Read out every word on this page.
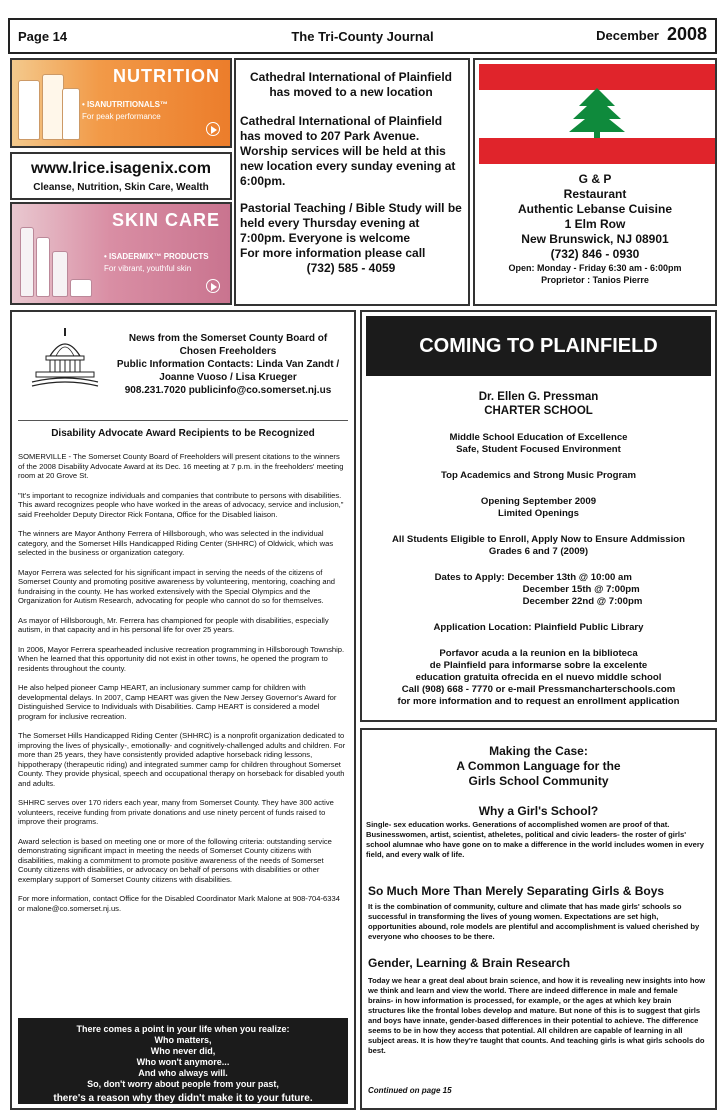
Page 14	The Tri-County Journal	December 2008
NUTRITION
• ISANUTRITIONALS™
For peak performance
www.lrice.isagenix.com
Cleanse, Nutrition, Skin Care, Wealth
SKIN CARE
• ISADERMIX™ PRODUCTS
For vibrant, youthful skin
Cathedral International of Plainfield has moved to a new location
Cathedral International of Plainfield has moved to 207 Park Avenue. Worship services will be held at this new location every sunday evening at 6:00pm.
Pastorial Teaching / Bible Study will be held every Thursday evening at 7:00pm. Everyone is welcome
For more information please call
(732) 585 - 4059
G & P
Restaurant
Authentic Lebanse Cuisine
1 Elm Row
New Brunswick, NJ 08901
(732) 846 - 0930
Open: Monday - Friday 6:30 am - 6:00pm
Proprietor : Tanios Pierre
News from the Somerset County Board of Chosen Freeholders
Public Information Contacts: Linda Van Zandt / Joanne Vuoso / Lisa Krueger
908.231.7020 publicinfo@co.somerset.nj.us
Disability Advocate Award Recipients to be Recognized

SOMERVILLE - The Somerset County Board of Freeholders will present citations to the winners of the 2008 Disability Advocate Award at its Dec. 16 meeting at 7 p.m. in the freeholders' meeting room at 20 Grove St.

"It's important to recognize individuals and companies that contribute to persons with disabilities. This award recognizes people who have worked in the areas of advocacy, service and inclusion," said Freeholder Deputy Director Rick Fontana, Office for the Disabled liaison.

The winners are Mayor Anthony Ferrera of Hillsborough, who was selected in the individual category, and the Somerset Hills Handicapped Riding Center (SHHRC) of Oldwick, which was selected in the business or organization category.

Mayor Ferrera was selected for his significant impact in serving the needs of the citizens of Somerset County and promoting positive awareness by volunteering, mentoring, coaching and fundraising in the county. He has worked extensively with the Special Olympics and the Organization for Autism Research, advocating for people who cannot do so for themselves.

As mayor of Hillsborough, Mr. Ferrera has championed for people with disabilities, especially autism, in that capacity and in his personal life for over 25 years.

In 2006, Mayor Ferrera spearheaded inclusive recreation programming in Hillsborough Township. When he learned that this opportunity did not exist in other towns, he opened the program to residents throughout the county.

He also helped pioneer Camp HEART, an inclusionary summer camp for children with developmental delays. In 2007, Camp HEART was given the New Jersey Governor's Award for Distinguished Service to Individuals with Disabilities. Camp HEART is considered a model program for inclusive recreation.

The Somerset Hills Handicapped Riding Center (SHHRC) is a nonprofit organization dedicated to improving the lives of physically-, emotionally- and cognitively-challenged adults and children. For more than 25 years, they have consistently provided adaptive horseback riding lessons, hippotherapy (therapeutic riding) and integrated summer camp for children throughout Somerset County. They provide physical, speech and occupational therapy on horseback for disabled youth and adults.

SHHRC serves over 170 riders each year, many from Somerset County. They have 300 active volunteers, receive funding from private donations and use ninety percent of funds raised to improve their programs.

Award selection is based on meeting one or more of the following criteria: outstanding service demonstrating significant impact in meeting the needs of Somerset County citizens with disabilities, making a commitment to promote positive awareness of the needs of Somerset County citizens with disabilities, or advocacy on behalf of persons with disabilities or other exemplary support of Somerset County citizens with disabilities.

For more information, contact Office for the Disabled Coordinator Mark Malone at 908-704-6334 or malone@co.somerset.nj.us.

There comes a point in your life when you realize:
Who matters,
Who never did,
Who won't anymore...
And who always will.
So, don't worry about people from your past,
there's a reason why they didn't make it to your future.
COMING TO PLAINFIELD
Dr. Ellen G. Pressman
CHARTER SCHOOL
Middle School Education of Excellence
Safe, Student Focused Environment
Top Academics and Strong Music Program
Opening September 2009
Limited Openings
All Students Eligible to Enroll, Apply Now to Ensure Addmission
Grades 6 and 7 (2009)
Dates to Apply: December 13th @ 10:00 am
December 15th @ 7:00pm
December 22nd @ 7:00pm
Application Location: Plainfield Public Library
Porfavor acuda a la reunion en la biblioteca
de Plainfield para informarse sobre la excelente
education gratuita ofrecida en el nuevo middle school
Call (908) 668 - 7770 or e-mail Pressmancharterschools.com
for more information and to request an enrollment application
Making the Case:
A Common Language for the
Girls School Community
Why a Girl's School?
Single- sex education works. Generations of accomplished women are proof of that. Businesswomen, artist, scientist, atheletes, political and civic leaders- the roster of girls' school alumnae who have gone on to make a difference in the world includes women in every field, and every walk of life.
So Much More Than Merely Separating Girls & Boys
It is the combination of community, culture and climate that has made girls' schools so successful in transforming the lives of young women. Expectations are set high, opportunities abound, role models are plentiful and accomplishment is valued cherished by everyone who chooses to be there.
Gender, Learning & Brain Research
Today we hear a great deal about brain science, and how it is revealing new insights into how we think and learn and view the world. There are indeed difference in male and female brains- in how information is processed, for example, or the ages at which key brain structures like the frontal lobes develop and mature. But none of this is to suggest that girls and boys have innate, gender-based differences in their potential to achieve. The difference seems to be in how they access that potential. All children are capable of learning in all subject areas. It is how they're taught that counts. And teaching girls is what girls schools do best.
Continued on page 15
